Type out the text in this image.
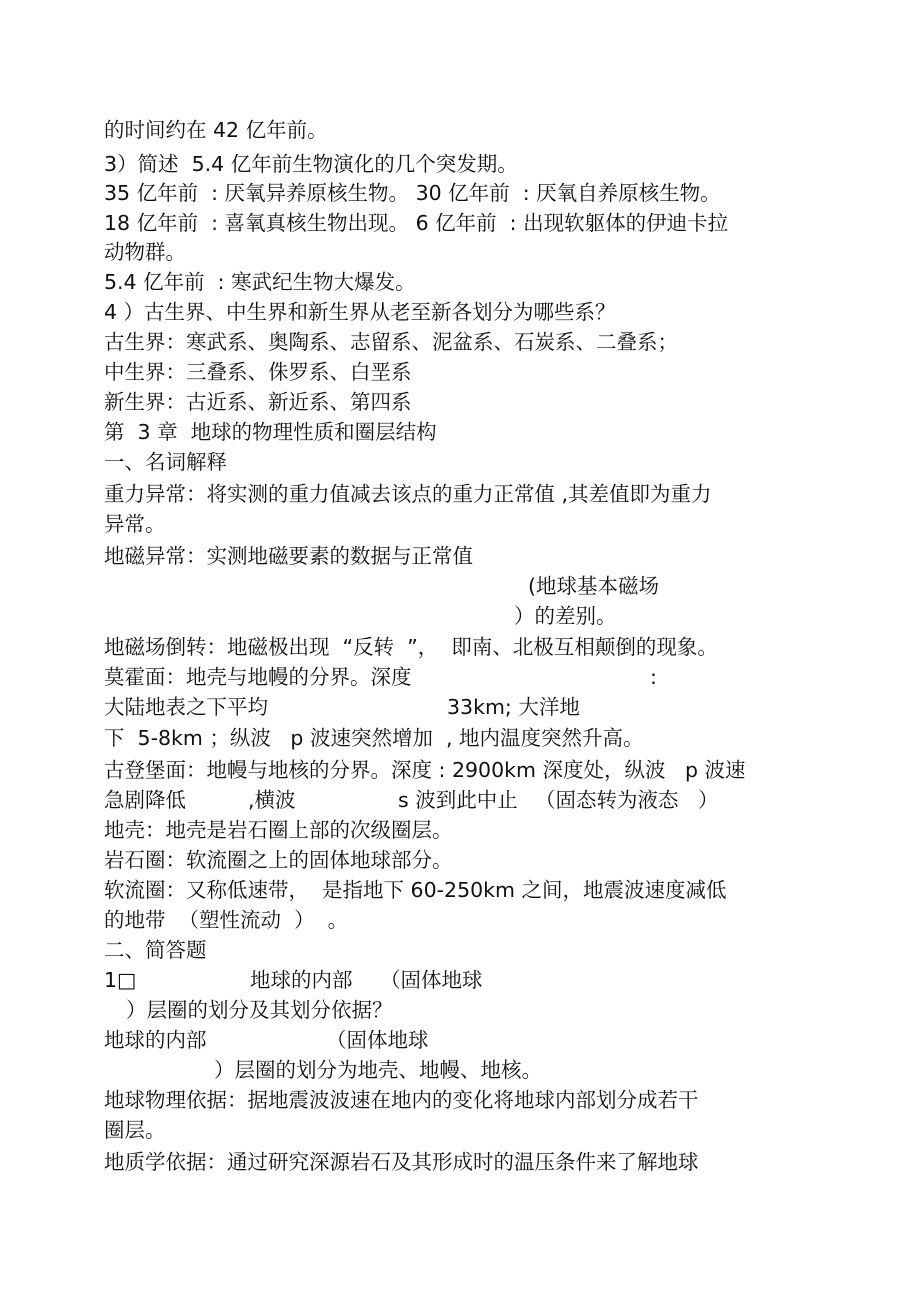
的时间约在 42 亿年前。
3）简述  5.4 亿年前生物演化的几个突发期。
35 亿年前  : 厌氧异养原核生物。 30 亿年前  : 厌氧自养原核生物。
18 亿年前  : 喜氧真核生物出现。 6 亿年前  : 出现软躯体的伊迪卡拉
动物群。
5.4 亿年前  : 寒武纪生物大爆发。
4 ）古生界、中生界和新生界从老至新各划分为哪些系？
古生界：寒武系、奥陶系、志留系、泥盆系、石炭系、二叠系；
中生界：三叠系、侏罗系、白垩系
新生界：古近系、新近系、第四系
第  3 章  地球的物理性质和圈层结构
一、名词解释
重力异常：将实测的重力值减去该点的重力正常值 ,其差值即为重力
异常。
地磁异常：实测地磁要素的数据与正常值
(地球基本磁场
）的差别。
地磁场倒转：地磁极出现  “反转  ”，  即南、北极互相颠倒的现象。
莫霍面：地壳与地幔的分界。深度	:
大陆地表之下平均	33km; 大洋地
下  5-8km ；纵波   p 波速突然增加  , 地内温度突然升高。
古登堡面：地幔与地核的分界。深度 : 2900km 深度处，纵波   p 波速
急剧降低	,横波	s 波到此中止 （固态转为液态   ）
地壳：地壳是岩石圈上部的次级圈层。
岩石圈：软流圈之上的固体地球部分。
软流圈：又称低速带，  是指地下 60-250km 之间，地震波速度减低
的地带  （塑性流动  ）  。
二、简答题
1□	地球的内部 （固体地球
）层圈的划分及其划分依据？
地球的内部	（固体地球
）层圈的划分为地壳、地幔、地核。
地球物理依据：据地震波波速在地内的变化将地球内部划分成若干
圈层。
地质学依据：通过研究深源岩石及其形成时的温压条件来了解地球
